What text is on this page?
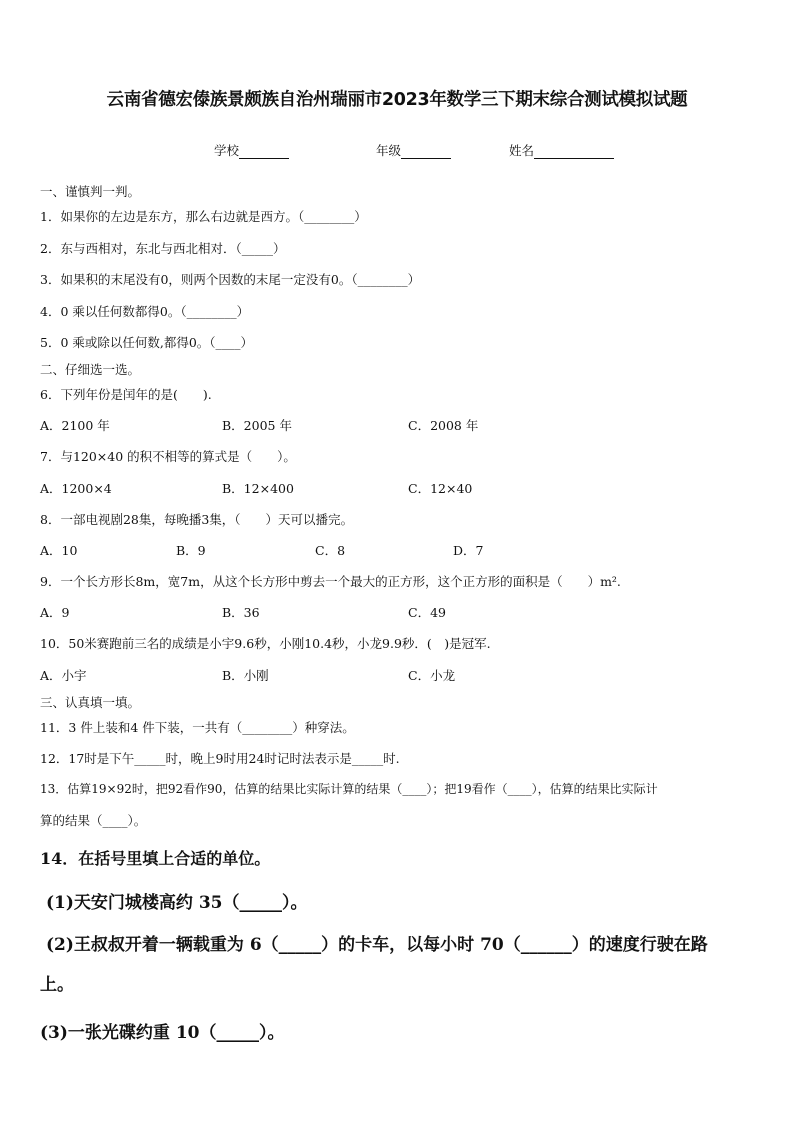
云南省德宏傣族景颇族自治州瑞丽市2023年数学三下期末综合测试模拟试题
学校	年级	姓名
一、谨慎判一判。
1．如果你的左边是东方，那么右边就是西方。（________）
2．东与西相对，东北与西北相对．（_____）
3．如果积的末尾没有0，则两个因数的末尾一定没有0。（________）
4．0 乘以任何数都得0。（________）
5．0 乘或除以任何数,都得0。（____）
二、仔细选一选。
6．下列年份是闰年的是(　　).
A．2100 年	B．2005 年	C．2008 年
7．与120×40 的积不相等的算式是（　　）。
A．1200×4	B．12×400	C．12×40
8．一部电视剧28集，每晚播3集，（　　）天可以播完。
A．10	B．9	C．8	D．7
9．一个长方形长8m，宽7m，从这个长方形中剪去一个最大的正方形，这个正方形的面积是（　　）m².
A．9	B．36	C．49
10．50米赛跑前三名的成绩是小宇9.6秒，小刚10.4秒，小龙9.9秒．(　)是冠军.
A．小宇	B．小刚	C．小龙
三、认真填一填。
11．3 件上装和4 件下装，一共有（________）种穿法。
12．17时是下午_____时，晚上9时用24时记时法表示是_____时.
13．估算19×92时，把92看作90，估算的结果比实际计算的结果（____）；把19看作（____），估算的结果比实际计
算的结果（____）。
14．在括号里填上合适的单位。
(1)天安门城楼高约 35（_____）。
(2)王叔叔开着一辆载重为 6（_____）的卡车，以每小时 70（______）的速度行驶在路
上。
(3)一张光碟约重 10（_____）。
